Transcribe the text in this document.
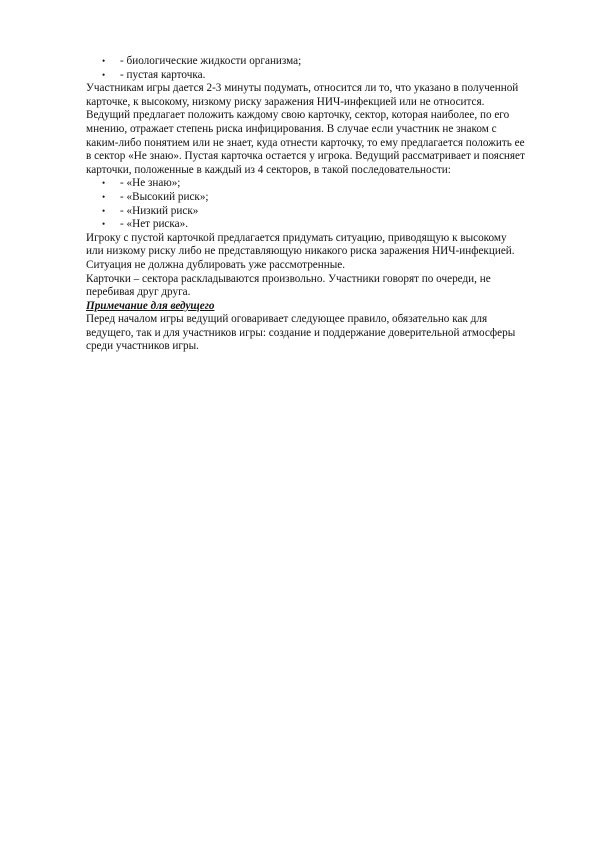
• - биологические жидкости организма;
• - пустая карточка.

Участникам игры дается 2-3 минуты подумать, относится ли то, что указано в полученной карточке, к высокому, низкому риску заражения НИЧ-инфекцией или не относится. Ведущий предлагает положить каждому свою карточку, сектор, которая наиболее, по его мнению, отражает степень риска инфицирования. В случае если участник не знаком с каким-либо понятием или не знает, куда отнести карточку, то ему предлагается положить ее в сектор «Не знаю». Пустая карточка остается у игрока. Ведущий рассматривает и поясняет карточки, положенные в каждый из 4 секторов, в такой последовательности:

• - «Не знаю»;
• - «Высокий риск»;
• - «Низкий риск»
• - «Нет риска».

Игроку с пустой карточкой предлагается придумать ситуацию, приводящую к высокому или низкому риску либо не представляющую никакого риска заражения НИЧ-инфекцией. Ситуация не должна дублировать уже рассмотренные.

Карточки – сектора раскладываются произвольно. Участники говорят по очереди, не перебивая друг друга.

Примечание для ведущего

Перед началом игры ведущий оговаривает следующее правило, обязательно как для ведущего, так и для участников игры: создание и поддержание доверительной атмосферы среди участников игры.
